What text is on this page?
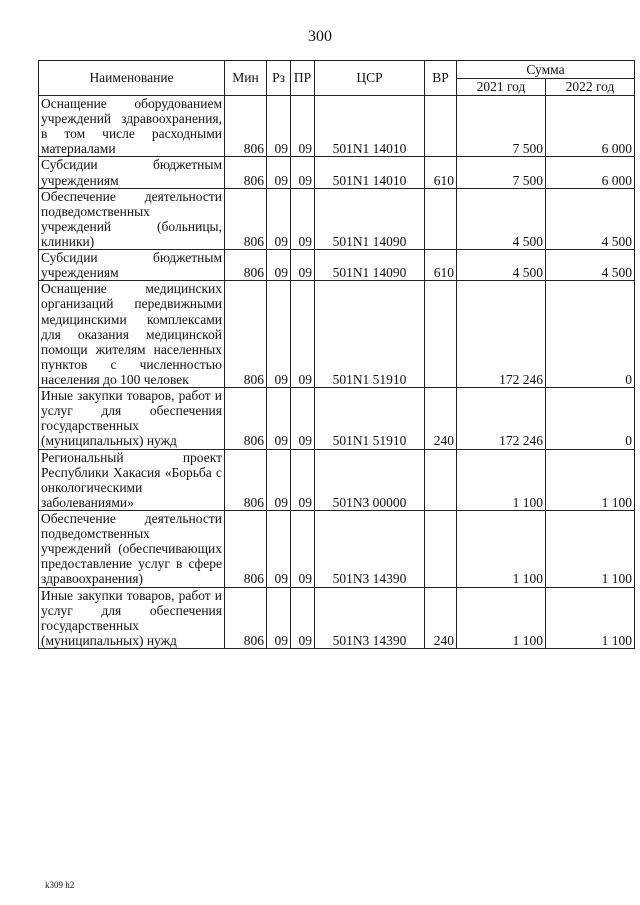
300
Наименование	Мин	Рз	ПР	ЦСР	ВР	Сумма	
						2021 год	2022 год
Оснащение оборудованием учреждений здравоохранения, в том числе расходными материалами	806	09	09	501N1 14010		7 500	6 000
Субсидии бюджетным учреждениям	806	09	09	501N1 14010	610	7 500	6 000
Обеспечение деятельности подведомственных учреждений (больницы, клиники)	806	09	09	501N1 14090		4 500	4 500
Субсидии бюджетным учреждениям	806	09	09	501N1 14090	610	4 500	4 500
Оснащение медицинских организаций передвижными медицинскими комплексами для оказания медицинской помощи жителям населенных пунктов с численностью населения до 100 человек	806	09	09	501N1 51910		172 246	0
Иные закупки товаров, работ и услуг для обеспечения государственных (муниципальных) нужд	806	09	09	501N1 51910	240	172 246	0
Региональный проект Республики Хакасия «Борьба с онкологическими заболеваниями»	806	09	09	501N3 00000		1 100	1 100
Обеспечение деятельности подведомственных учреждений (обеспечивающих предоставление услуг в сфере здравоохранения)	806	09	09	501N3 14390		1 100	1 100
Иные закупки товаров, работ и услуг для обеспечения государственных (муниципальных) нужд	806	09	09	501N3 14390	240	1 100	1 100
k309 h2
